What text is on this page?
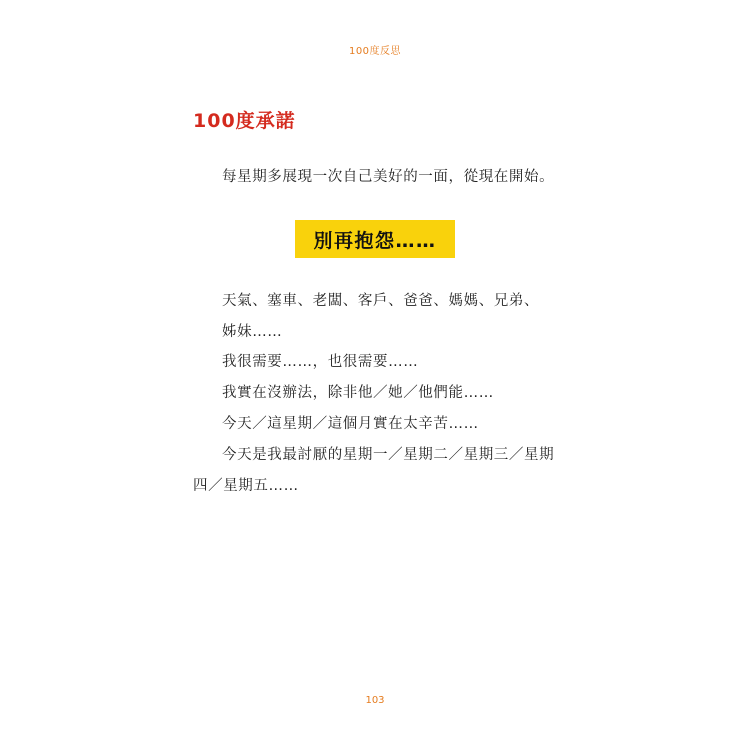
100度反思
100度承諾
每星期多展現一次自己美好的一面，從現在開始。
別再抱怨……
天氣、塞車、老闆、客戶、爸爸、媽媽、兄弟、
姊妹……
我很需要……，也很需要……
我實在沒辦法，除非他／她／他們能……
今天／這星期／這個月實在太辛苦……
今天是我最討厭的星期一／星期二／星期三／星期
四／星期五……
103
